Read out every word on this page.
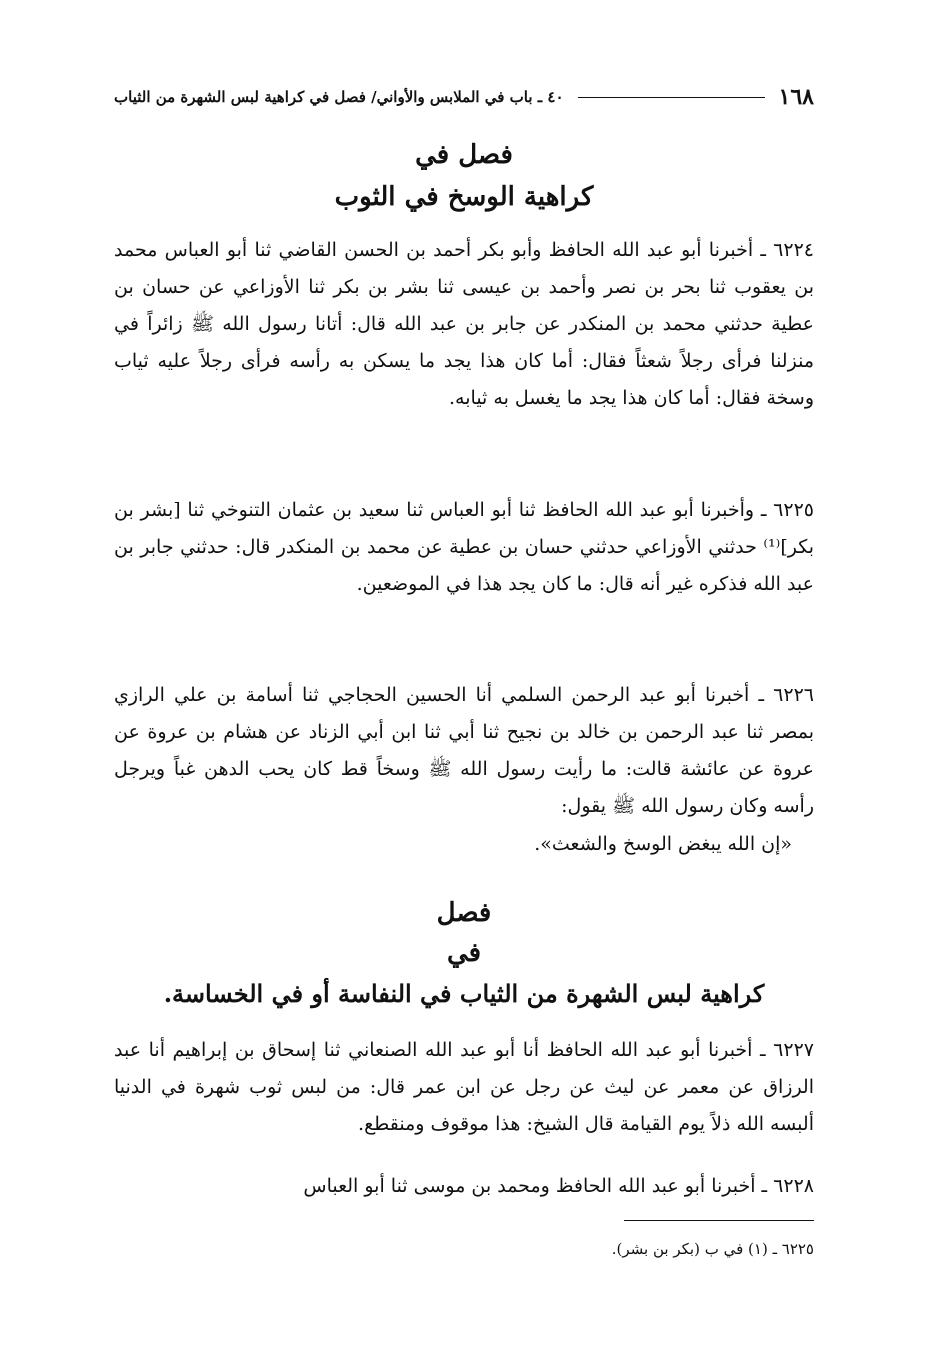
١٦٨
٤٠ ـ باب في الملابس والأواني/ فصل في كراهية لبس الشهرة من الثياب
فصل في
كراهية الوسخ في الثوب

٦٢٢٤ ـ أخبرنا أبو عبد الله الحافظ وأبو بكر أحمد بن الحسن القاضي ثنا أبو العباس محمد بن يعقوب ثنا بحر بن نصر وأحمد بن عيسى ثنا بشر بن بكر ثنا الأوزاعي عن حسان بن عطية حدثني محمد بن المنكدر عن جابر بن عبد الله قال: أتانا رسول الله ﷺ زائراً في منزلنا فرأى رجلاً شعثاً فقال: أما كان هذا يجد ما يسكن به رأسه فرأى رجلاً عليه ثياب وسخة فقال: أما كان هذا يجد ما يغسل به ثيابه.

٦٢٢٥ ـ وأخبرنا أبو عبد الله الحافظ ثنا أبو العباس ثنا سعيد بن عثمان التنوخي ثنا [بشر بن بكر]⁽¹⁾ حدثني الأوزاعي حدثني حسان بن عطية عن محمد بن المنكدر قال: حدثني جابر بن عبد الله فذكره غير أنه قال: ما كان يجد هذا في الموضعين.

٦٢٢٦ ـ أخبرنا أبو عبد الرحمن السلمي أنا الحسين الحجاجي ثنا أسامة بن علي الرازي بمصر ثنا عبد الرحمن بن خالد بن نجيح ثنا أبي ثنا ابن أبي الزناد عن هشام بن عروة عن عروة عن عائشة قالت: ما رأيت رسول الله ﷺ وسخاً قط كان يحب الدهن غباً ويرجل رأسه وكان رسول الله ﷺ يقول:

«إن الله يبغض الوسخ والشعث».

فصل
في
كراهية لبس الشهرة من الثياب في النفاسة أو في الخساسة.

٦٢٢٧ ـ أخبرنا أبو عبد الله الحافظ أنا أبو عبد الله الصنعاني ثنا إسحاق بن إبراهيم أنا عبد الرزاق عن معمر عن ليث عن رجل عن ابن عمر قال: من لبس ثوب شهرة في الدنيا ألبسه الله ذلاً يوم القيامة قال الشيخ: هذا موقوف ومنقطع.

٦٢٢٨ ـ أخبرنا أبو عبد الله الحافظ ومحمد بن موسى ثنا أبو العباس

٦٢٢٥ ـ (١) في ب (بكر بن بشر).
